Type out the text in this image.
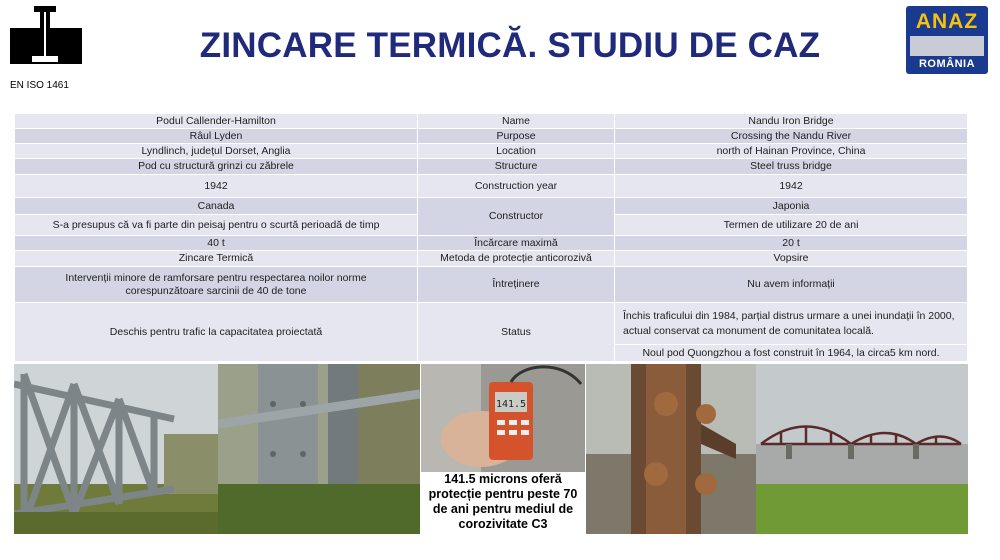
EN ISO 1461
ZINCARE TERMICĂ. STUDIU DE CAZ
ANAZ
ROMÂNIA
Podul Callender-Hamilton	Name	Nandu Iron Bridge
Râul Lyden	Purpose	Crossing the Nandu River
Lyndlinch, județul Dorset, Anglia	Location	north of Hainan Province, China
Pod cu structură grinzi cu zăbrele	Structure	Steel truss bridge
1942	Construction year	1942
Canada	Constructor	Japonia
S-a presupus că va fi parte din peisaj pentru o scurtă perioadă de timp		Termen de utilizare 20 de ani
40 t	Încărcare maximă	20 t
Zincare Termică	Metoda de protecție anticorozivă	Vopsire
Intervenții minore de ramforsare pentru respectarea noilor norme corespunzătoare sarcinii de 40 de tone	Întreținere	Nu avem informații
Deschis pentru trafic la capacitatea proiectată	Status	Închis traficului din 1984, parțial distrus urmare a unei inundații în 2000, actual conservat ca monument de comunitatea locală.
		Noul pod Quongzhou a fost construit în 1964, la circa5 km nord.
141.5
141.5 microns oferă protecție pentru peste 70 de ani pentru mediul de corozivitate C3
